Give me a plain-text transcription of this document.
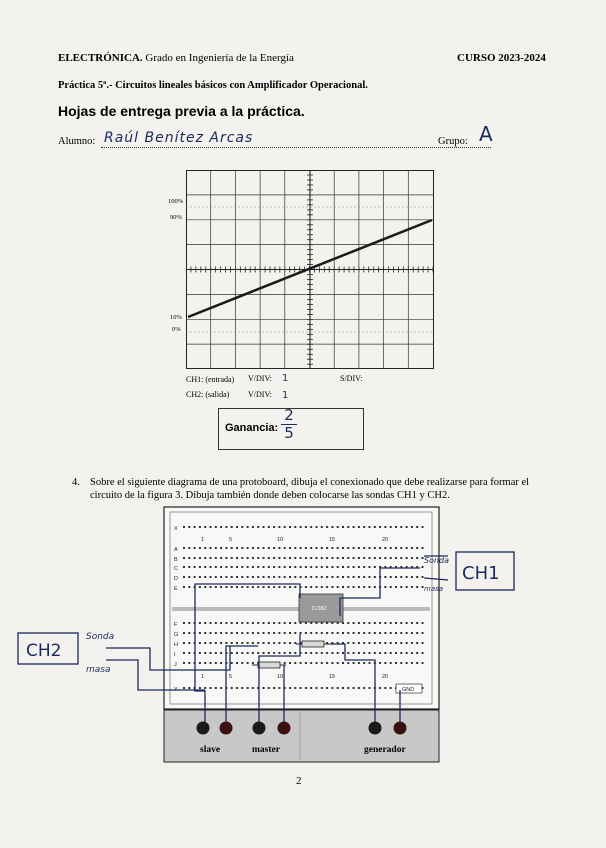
ELECTRÓNICA. Grado en Ingeniería de la Energía	CURSO 2023-2024
Práctica 5ª.- Circuitos lineales básicos con Amplificador Operacional.
Hojas de entrega previa a la práctica.
Alumno: Raúl Benítez Arcas	Grupo: A
100%
90%
10%
0%
CH1: (entrada) V/DIV: 1	S/DIV:
CH2: (salida) V/DIV: 1
Ganancia: $\frac{2}{5}$
4. Sobre el siguiente diagrama de una protoboard, dibuja el conexionado que debe realizarse para formar el circuito de la figura 3. Dibuja también donde deben colocarse las sondas CH1 y CH2.
X
A
B
C
D
E
F
G
H
I
J
Y
1	5	10	15	20
1	5	10	15	20
TL082
GND
CH1
Sonda
masa
CH2
Sonda
masa
slave	master	generador
2
